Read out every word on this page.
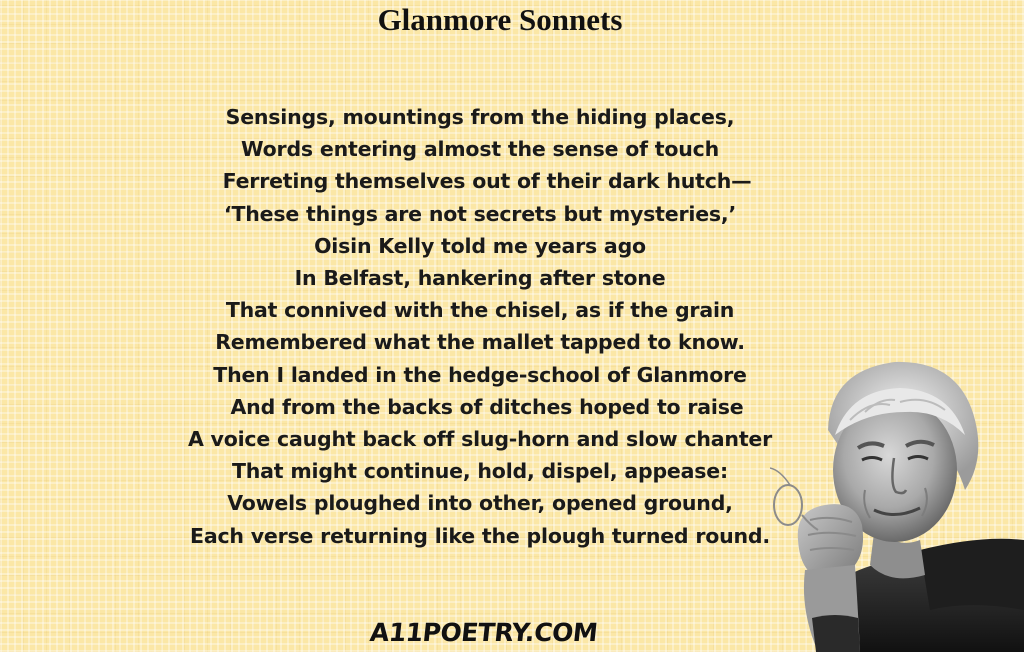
Glanmore Sonnets
Sensings, mountings from the hiding places,
Words entering almost the sense of touch
Ferreting themselves out of their dark hutch—
‘These things are not secrets but mysteries,’
Oisin Kelly told me years ago
In Belfast, hankering after stone
That connived with the chisel, as if the grain
Remembered what the mallet tapped to know.
Then I landed in the hedge-school of Glanmore
And from the backs of ditches hoped to raise
A voice caught back off slug-horn and slow chanter
That might continue, hold, dispel, appease:
Vowels ploughed into other, opened ground,
Each verse returning like the plough turned round.
A11POETRY.COM
